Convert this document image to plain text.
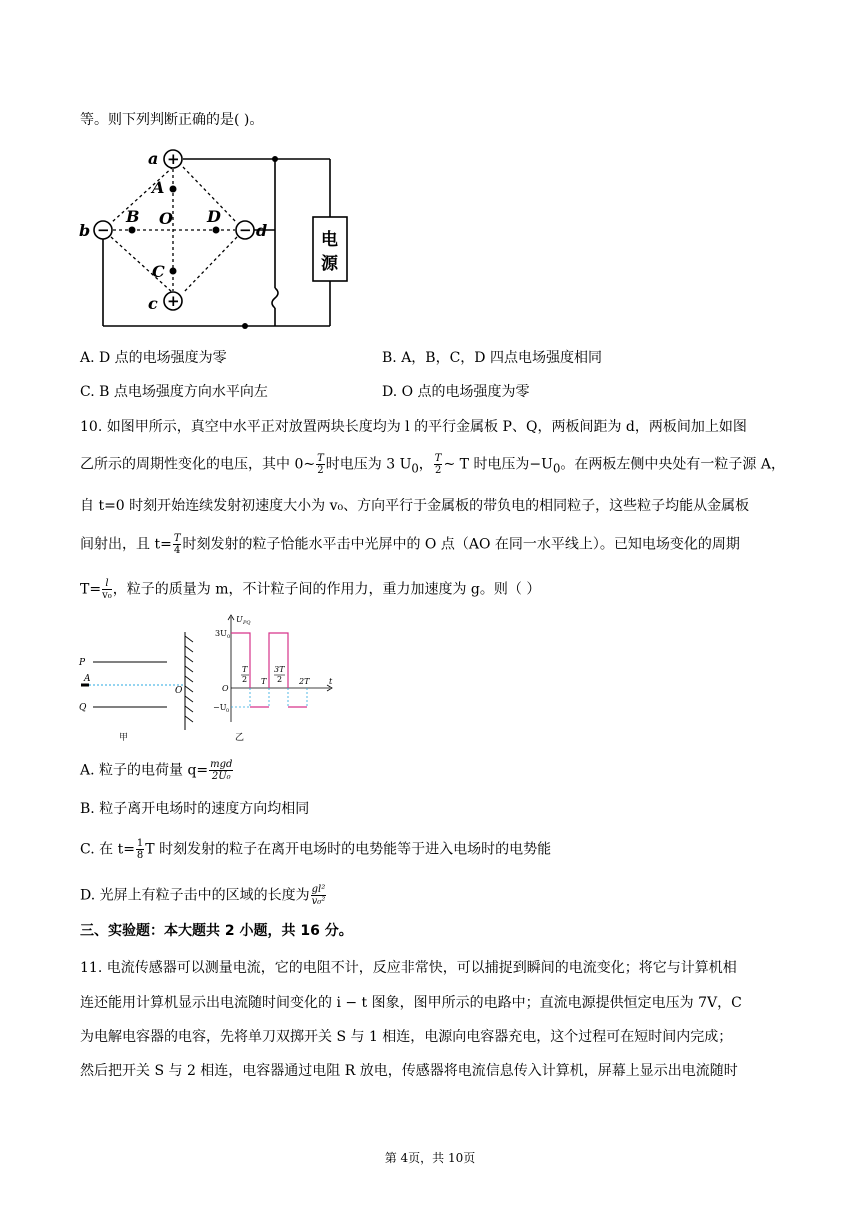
等。则下列判断正确的是( )。
+
+
−	−
a
b
c
d
A
B O D
C
电
源
A. D 点的电场强度为零	B. A，B，C，D 四点电场强度相同
C. B 点电场强度方向水平向左	D. O 点的电场强度为零
10. 如图甲所示，真空中水平正对放置两块长度均为 l 的平行金属板 P、Q，两板间距为 d，两板间加上如图
乙所示的周期性变化的电压，其中 0~ $\frac{T}{2}$ 时电压为 3 $U_0$， $\frac{T}{2}$ ~ T 时电压为$-U_0$。在两板左侧中央处有一粒子源 A，
自 t=0 时刻开始连续发射初速度大小为 v₀、方向平行于金属板的带负电的相同粒子，这些粒子均能从金属板
间射出，且 $t= \frac{T}{4}$ 时刻发射的粒子恰能水平击中光屏中的 O 点（AO 在同一水平线上）。已知电场变化的周期
$T= \frac{l}{\text{v₀}}$ ，粒子的质量为 m，不计粒子间的作用力，重力加速度为 g。则（ ）
P
Q
A
O
甲	乙
U PQ
3U 0
−U 0
O
T
2 T
3T
2 2T t
A. 粒子的电荷量 $q= \frac{\text{mgd}}{\text{2U₀}}$
B. 粒子离开电场时的速度方向均相同
C. 在 $t= \frac{1}{8}$ T 时刻发射的粒子在离开电场时的电势能等于进入电场时的电势能
D. 光屏上有粒子击中的区域的长度为 $\frac{\text{gl²}}{\text{v₀²}}$
三、实验题：本大题共 2 小题，共 16 分。
11. 电流传感器可以测量电流，它的电阻不计，反应非常快，可以捕捉到瞬间的电流变化；将它与计算机相
连还能用计算机显示出电流随时间变化的 i − t 图象，图甲所示的电路中；直流电源提供恒定电压为 7V，C
为电解电容器的电容，先将单刀双掷开关 S 与 1 相连，电源向电容器充电，这个过程可在短时间内完成；
然后把开关 S 与 2 相连，电容器通过电阻 R 放电，传感器将电流信息传入计算机，屏幕上显示出电流随时
第 4页，共 10页
